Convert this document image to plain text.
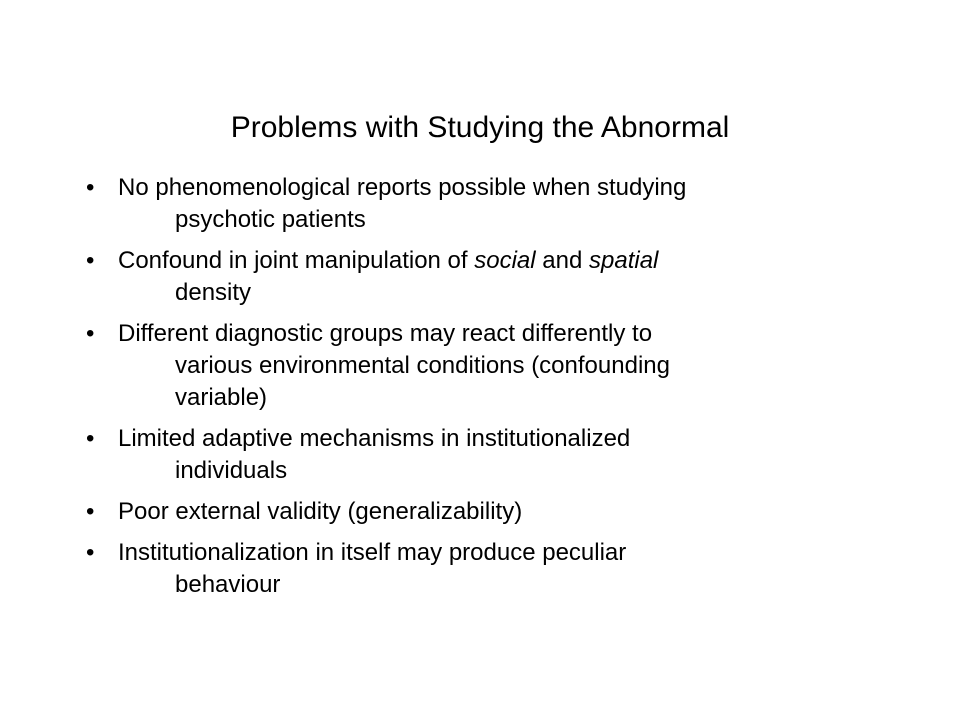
Problems with Studying the Abnormal
• No phenomenological reports possible when studying
psychotic patients
• Confound in joint manipulation of social and spatial
density
• Different diagnostic groups may react differently to
various environmental conditions (confounding
variable)
• Limited adaptive mechanisms in institutionalized
individuals
• Poor external validity (generalizability)
• Institutionalization in itself may produce peculiar
behaviour
